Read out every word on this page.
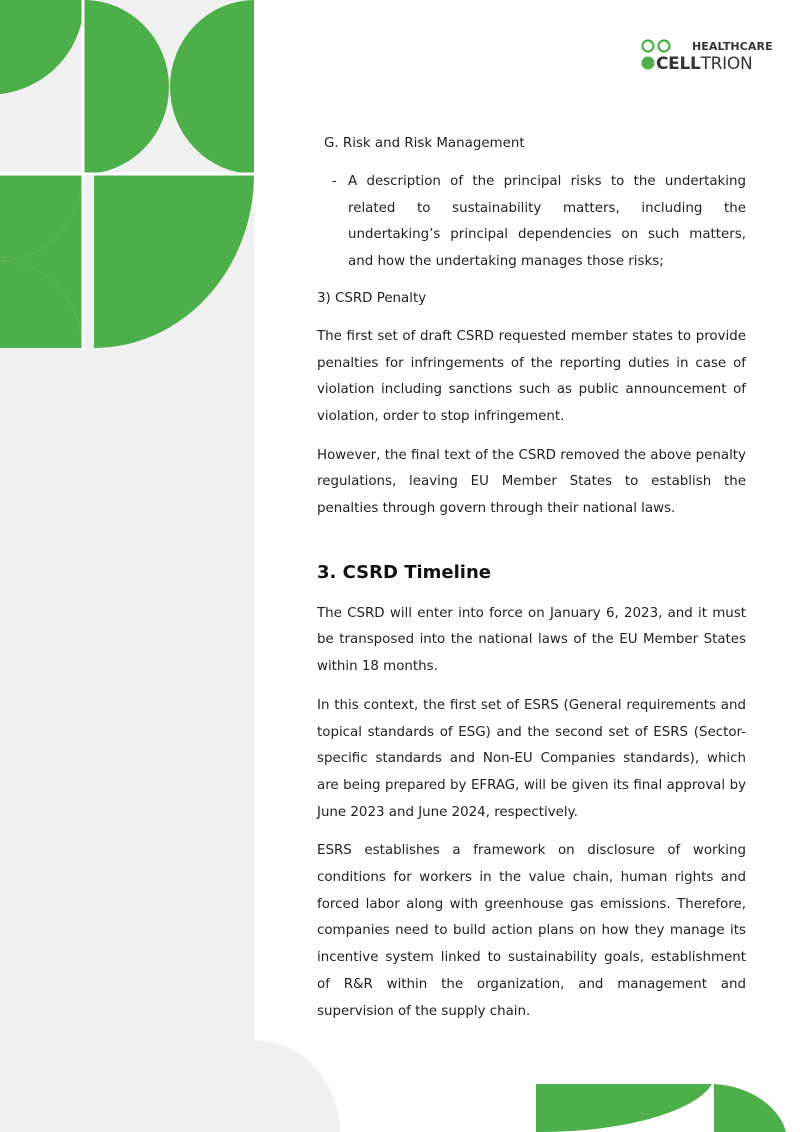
HEALTHCARE
CELLTRION
G. Risk and Risk Management
- A description of the principal risks to the undertaking related to sustainability matters, including the undertaking’s principal dependencies on such matters, and how the undertaking manages those risks;
3) CSRD Penalty

The first set of draft CSRD requested member states to provide penalties for infringements of the reporting duties in case of violation including sanctions such as public announcement of violation, order to stop infringement.

However, the final text of the CSRD removed the above penalty regulations, leaving EU Member States to establish the penalties through govern through their national laws.

3. CSRD Timeline

The CSRD will enter into force on January 6, 2023, and it must be transposed into the national laws of the EU Member States within 18 months.

In this context, the first set of ESRS (General requirements and topical standards of ESG) and the second set of ESRS (Sector-specific standards and Non-EU Companies standards), which are being prepared by EFRAG, will be given its final approval by June 2023 and June 2024, respectively.

ESRS establishes a framework on disclosure of working conditions for workers in the value chain, human rights and forced labor along with greenhouse gas emissions. Therefore, companies need to build action plans on how they manage its incentive system linked to sustainability goals, establishment of R&R within the organization, and management and supervision of the supply chain.
